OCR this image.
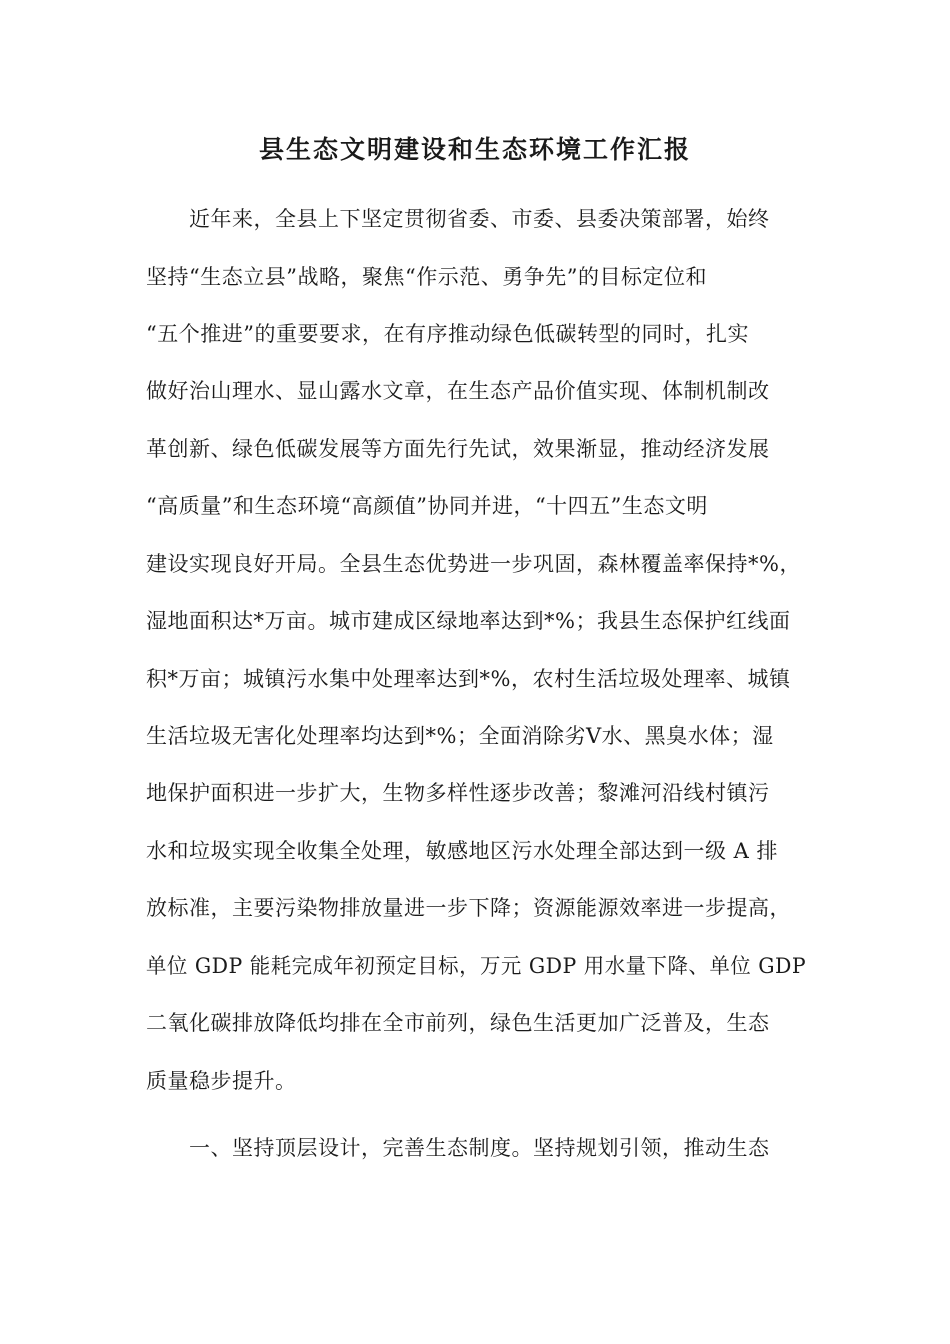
县生态文明建设和生态环境工作汇报
　　近年来，全县上下坚定贯彻省委、市委、县委决策部署，始终
坚持“生态立县”战略，聚焦“作示范、勇争先”的目标定位和
“五个推进”的重要要求，在有序推动绿色低碳转型的同时，扎实
做好治山理水、显山露水文章，在生态产品价值实现、体制机制改
革创新、绿色低碳发展等方面先行先试，效果渐显，推动经济发展
“高质量”和生态环境“高颜值”协同并进，“十四五”生态文明
建设实现良好开局。全县生态优势进一步巩固，森林覆盖率保持*%，
湿地面积达*万亩。城市建成区绿地率达到*%；我县生态保护红线面
积*万亩；城镇污水集中处理率达到*%，农村生活垃圾处理率、城镇
生活垃圾无害化处理率均达到*%；全面消除劣Ⅴ水、黑臭水体；湿
地保护面积进一步扩大，生物多样性逐步改善；黎滩河沿线村镇污
水和垃圾实现全收集全处理，敏感地区污水处理全部达到一级 A 排
放标准，主要污染物排放量进一步下降；资源能源效率进一步提高，
单位 GDP 能耗完成年初预定目标，万元 GDP 用水量下降、单位 GDP
二氧化碳排放降低均排在全市前列，绿色生活更加广泛普及，生态
质量稳步提升。
　　一、坚持顶层设计，完善生态制度。坚持规划引领，推动生态
